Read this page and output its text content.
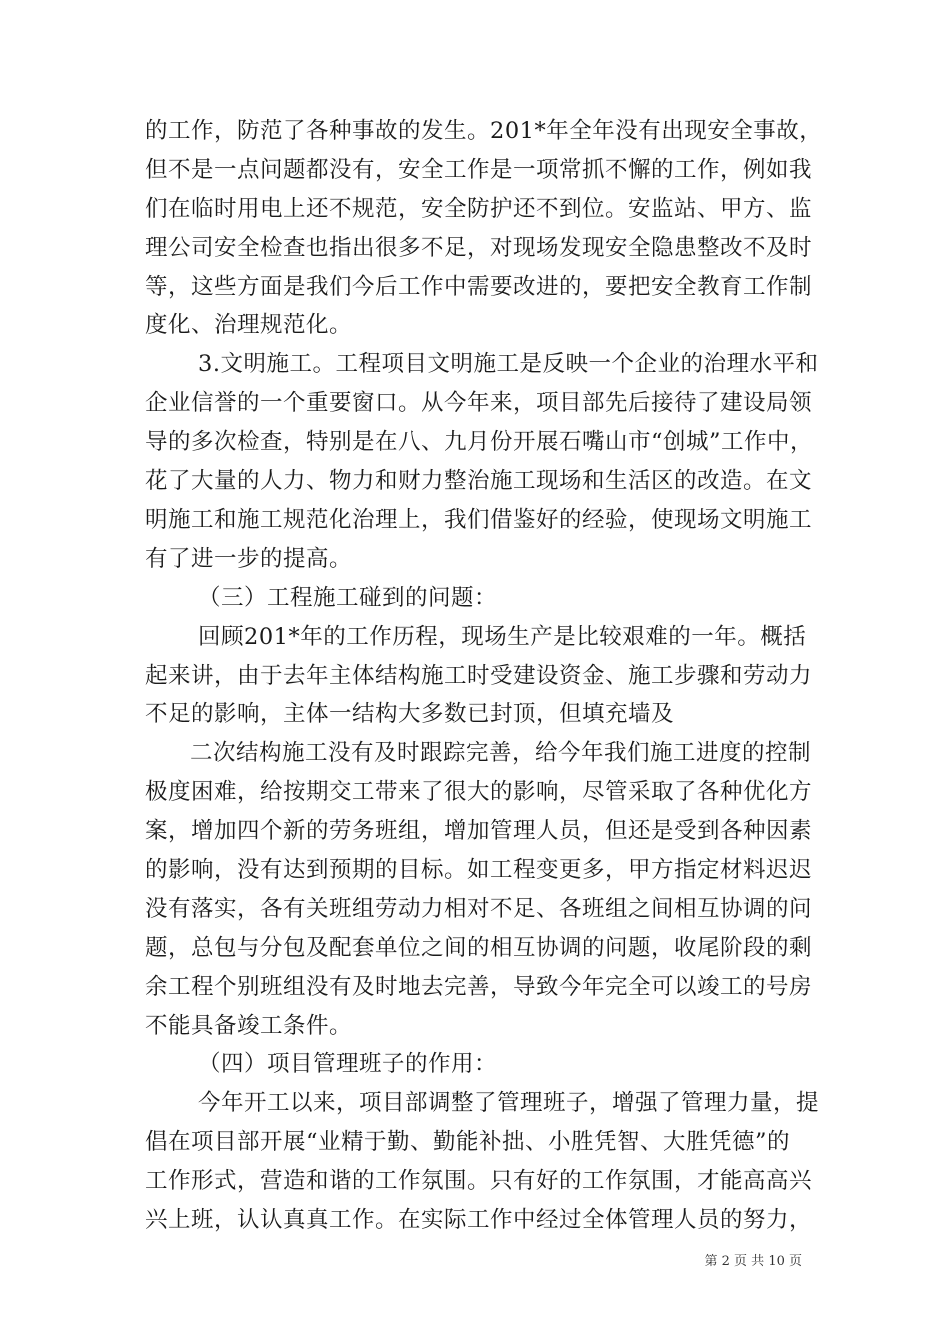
的工作，防范了各种事故的发生。201*年全年没有出现安全事故，
但不是一点问题都没有，安全工作是一项常抓不懈的工作，例如我
们在临时用电上还不规范，安全防护还不到位。安监站、甲方、监
理公司安全检查也指出很多不足，对现场发现安全隐患整改不及时
等，这些方面是我们今后工作中需要改进的，要把安全教育工作制
度化、治理规范化。
3.文明施工。工程项目文明施工是反映一个企业的治理水平和
企业信誉的一个重要窗口。从今年来，项目部先后接待了建设局领
导的多次检查，特别是在八、九月份开展石嘴山市“创城”工作中，
花了大量的人力、物力和财力整治施工现场和生活区的改造。在文
明施工和施工规范化治理上，我们借鉴好的经验，使现场文明施工
有了进一步的提高。
（三）工程施工碰到的问题：
回顾201*年的工作历程，现场生产是比较艰难的一年。概括
起来讲，由于去年主体结构施工时受建设资金、施工步骤和劳动力
不足的影响，主体一结构大多数已封顶，但填充墙及
二次结构施工没有及时跟踪完善，给今年我们施工进度的控制
极度困难，给按期交工带来了很大的影响，尽管采取了各种优化方
案，增加四个新的劳务班组，增加管理人员，但还是受到各种因素
的影响，没有达到预期的目标。如工程变更多，甲方指定材料迟迟
没有落实，各有关班组劳动力相对不足、各班组之间相互协调的问
题，总包与分包及配套单位之间的相互协调的问题，收尾阶段的剩
余工程个别班组没有及时地去完善，导致今年完全可以竣工的号房
不能具备竣工条件。
（四）项目管理班子的作用：
今年开工以来，项目部调整了管理班子，增强了管理力量，提
倡在项目部开展“业精于勤、勤能补拙、小胜凭智、大胜凭德”的
工作形式，营造和谐的工作氛围。只有好的工作氛围，才能高高兴
兴上班，认认真真工作。在实际工作中经过全体管理人员的努力，
第 2 页 共 10 页
